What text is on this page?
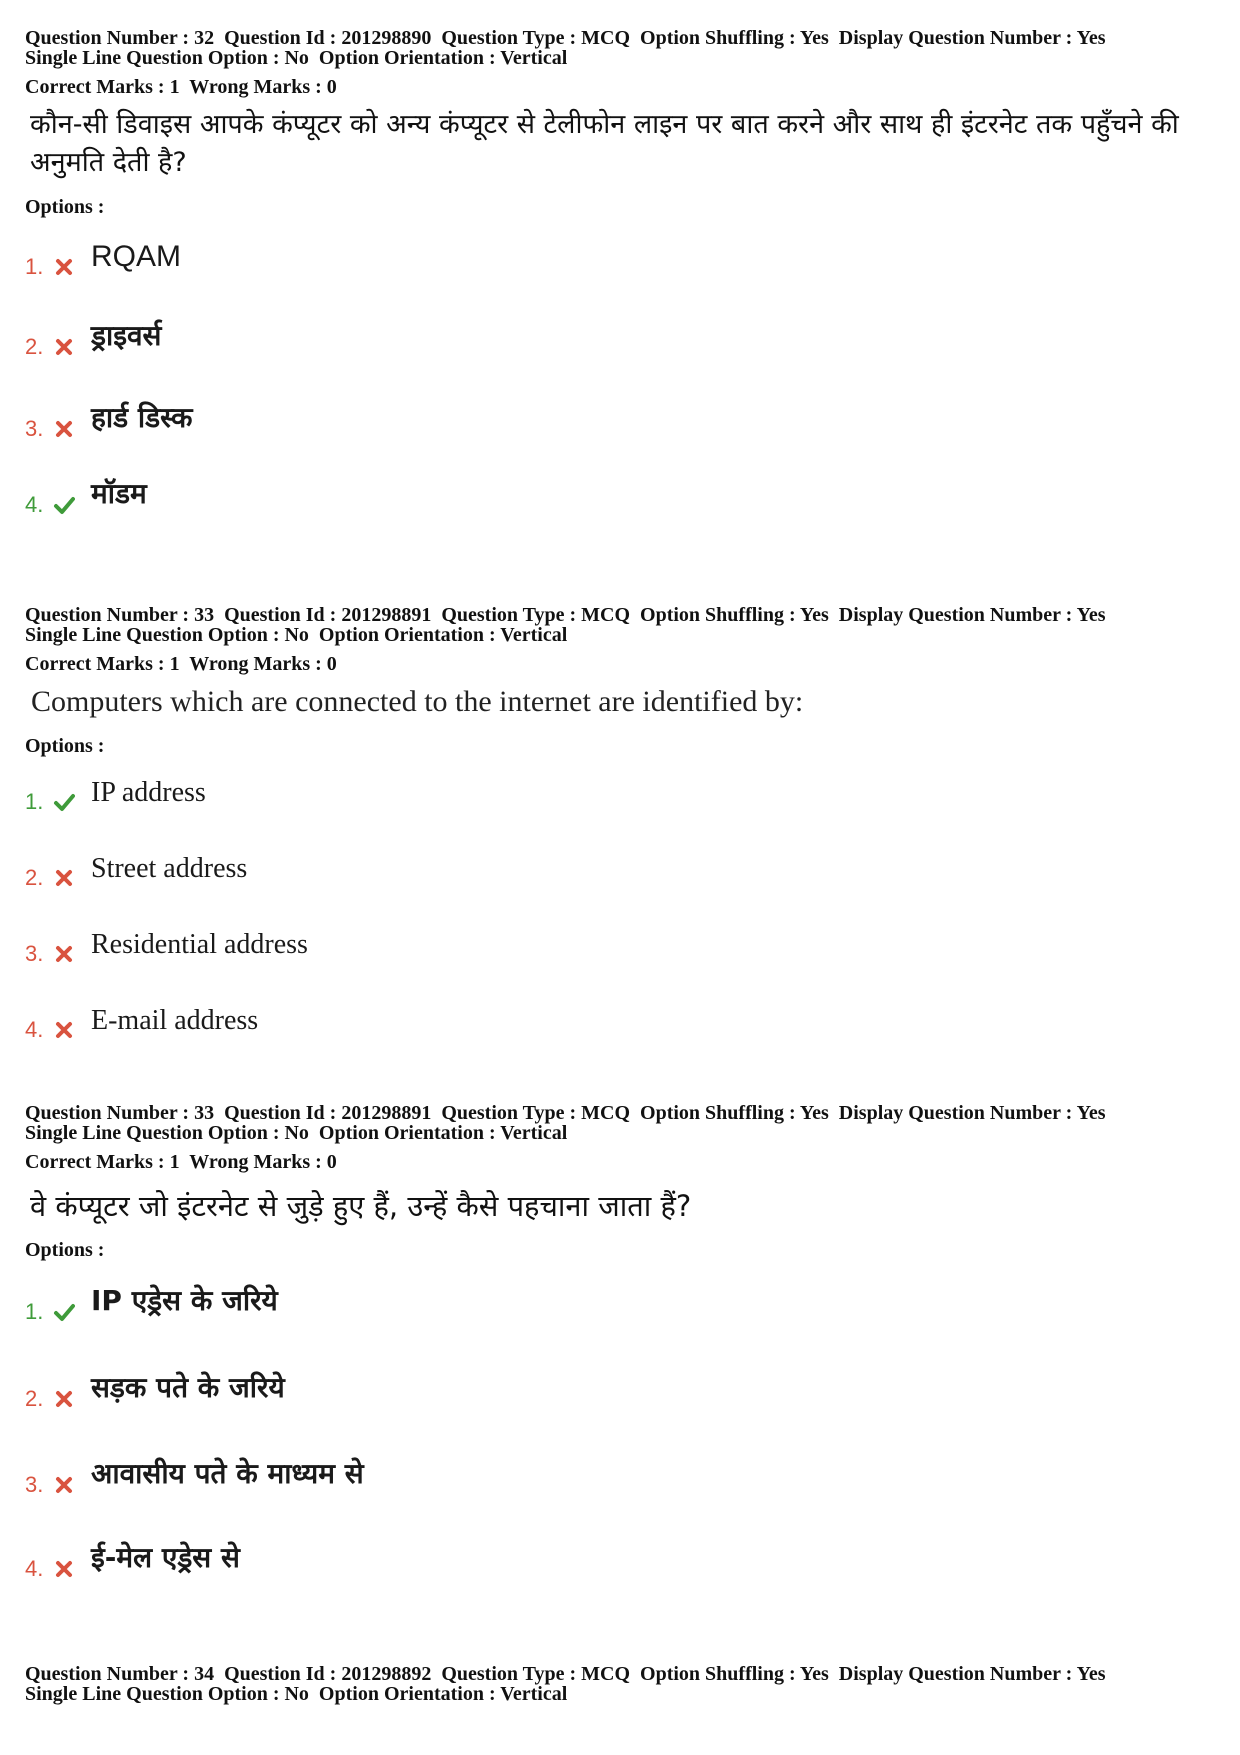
Question Number : 32  Question Id : 201298890  Question Type : MCQ  Option Shuffling : Yes  Display Question Number : Yes
Single Line Question Option : No  Option Orientation : Vertical
Correct Marks : 1  Wrong Marks : 0
कौन-सी डिवाइस आपके कंप्यूटर को अन्य कंप्यूटर से टेलीफोन लाइन पर बात करने और साथ ही इंटरनेट तक पहुँचने की अनुमति देती है?
Options :
1. RQAM
2. ड्राइवर्स
3. हार्ड डिस्क
4. मॉडम
Question Number : 33  Question Id : 201298891  Question Type : MCQ  Option Shuffling : Yes  Display Question Number : Yes
Single Line Question Option : No  Option Orientation : Vertical
Correct Marks : 1  Wrong Marks : 0
Computers which are connected to the internet are identified by:
Options :
1. IP address
2. Street address
3. Residential address
4. E-mail address
Question Number : 33  Question Id : 201298891  Question Type : MCQ  Option Shuffling : Yes  Display Question Number : Yes
Single Line Question Option : No  Option Orientation : Vertical
Correct Marks : 1  Wrong Marks : 0
वे कंप्यूटर जो इंटरनेट से जुड़े हुए हैं, उन्हें कैसे पहचाना जाता हैं?
Options :
1. IP एड्रेस के जरिये
2. सड़क पते के जरिये
3. आवासीय पते के माध्यम से
4. ई-मेल एड्रेस से
Question Number : 34  Question Id : 201298892  Question Type : MCQ  Option Shuffling : Yes  Display Question Number : Yes
Single Line Question Option : No  Option Orientation : Vertical
